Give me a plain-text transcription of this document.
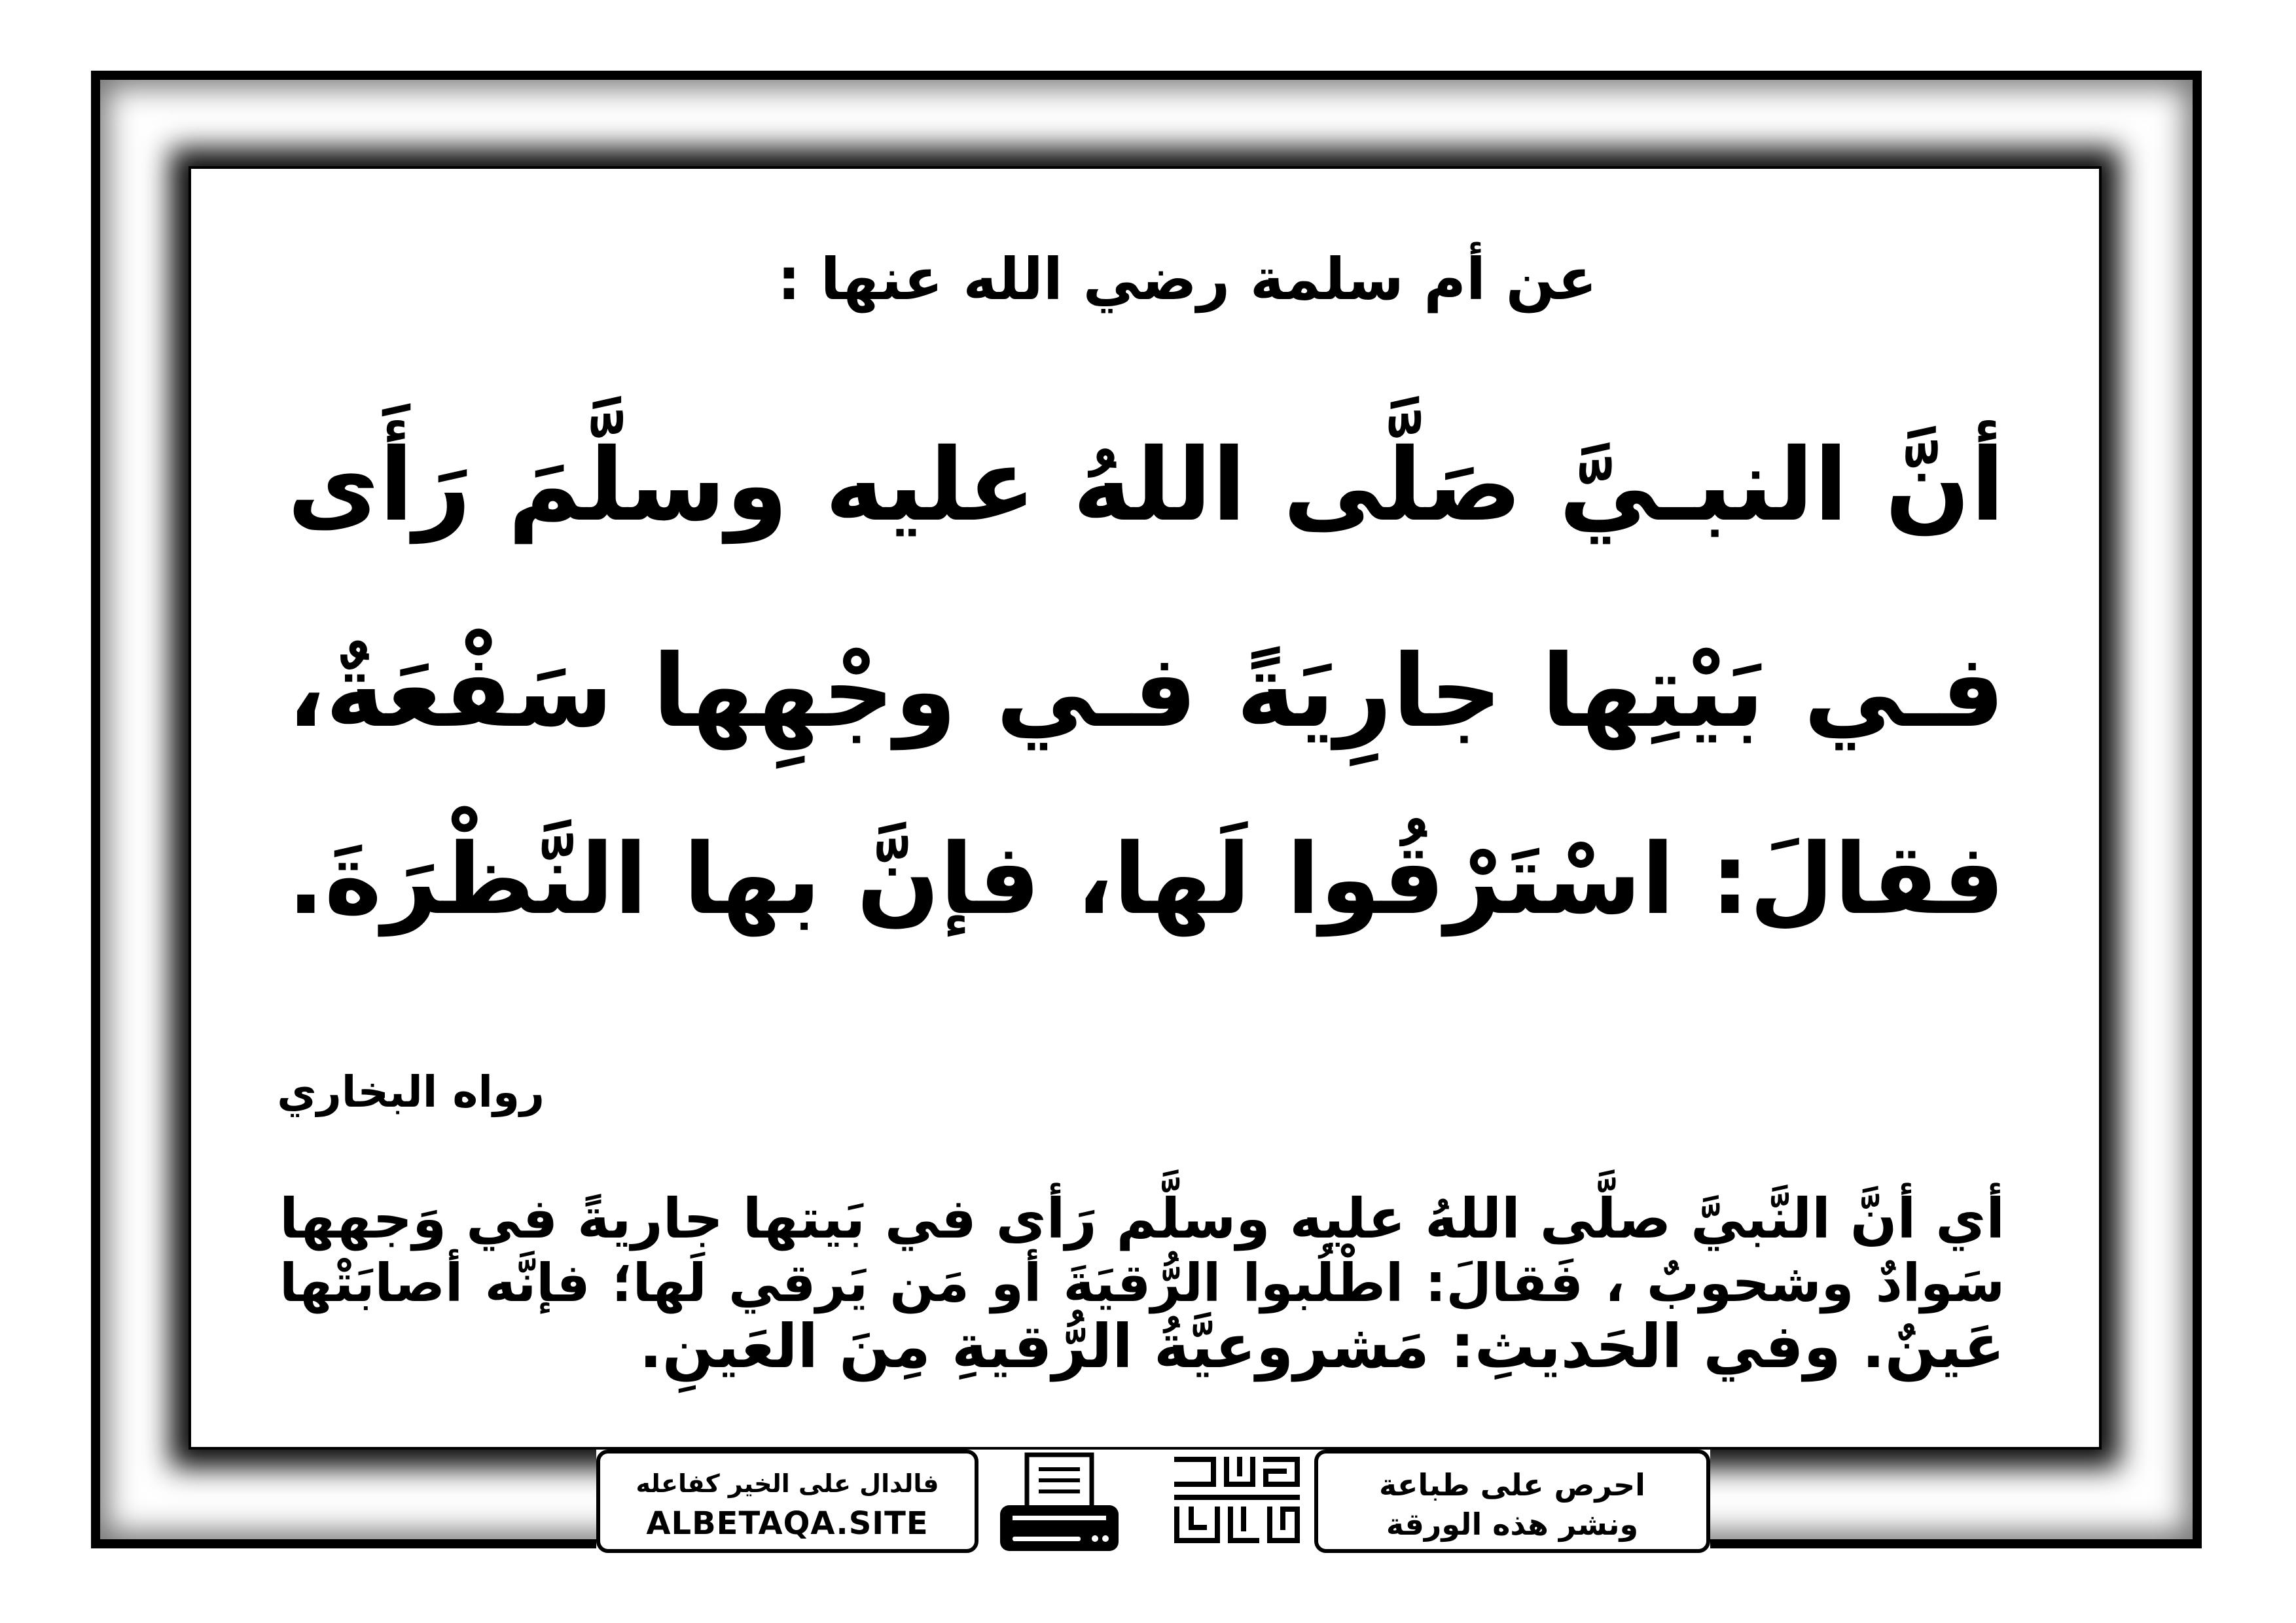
عن أم سلمة رضي الله عنها :
أنَّ النبـيَّ صَلَّى اللهُ عليه وسلَّمَ رَأَى
فـي بَيْتِها جارِيَةً فـي وجْهِها سَفْعَةٌ،
فقالَ: اسْتَرْقُوا لَها، فإنَّ بها النَّظْرَةَ.
رواه البخاري
أي أنَّ النَّبيَّ صلَّى اللهُ عليه وسلَّم رَأى في بَيتها جاريةً في وَجهها
سَوادٌ وشحوبٌ ، فَقالَ: اطْلُبوا الرُّقيَةَ أو مَن يَرقي لَها؛ فإنَّه أصابَتْها
عَينٌ. وفي الحَديثِ: مَشروعيَّةُ الرُّقيةِ مِنَ العَينِ.
فالدال على الخير كفاعله
ALBETAQA.SITE
احرص على طباعة
ونشر هذه الورقة
